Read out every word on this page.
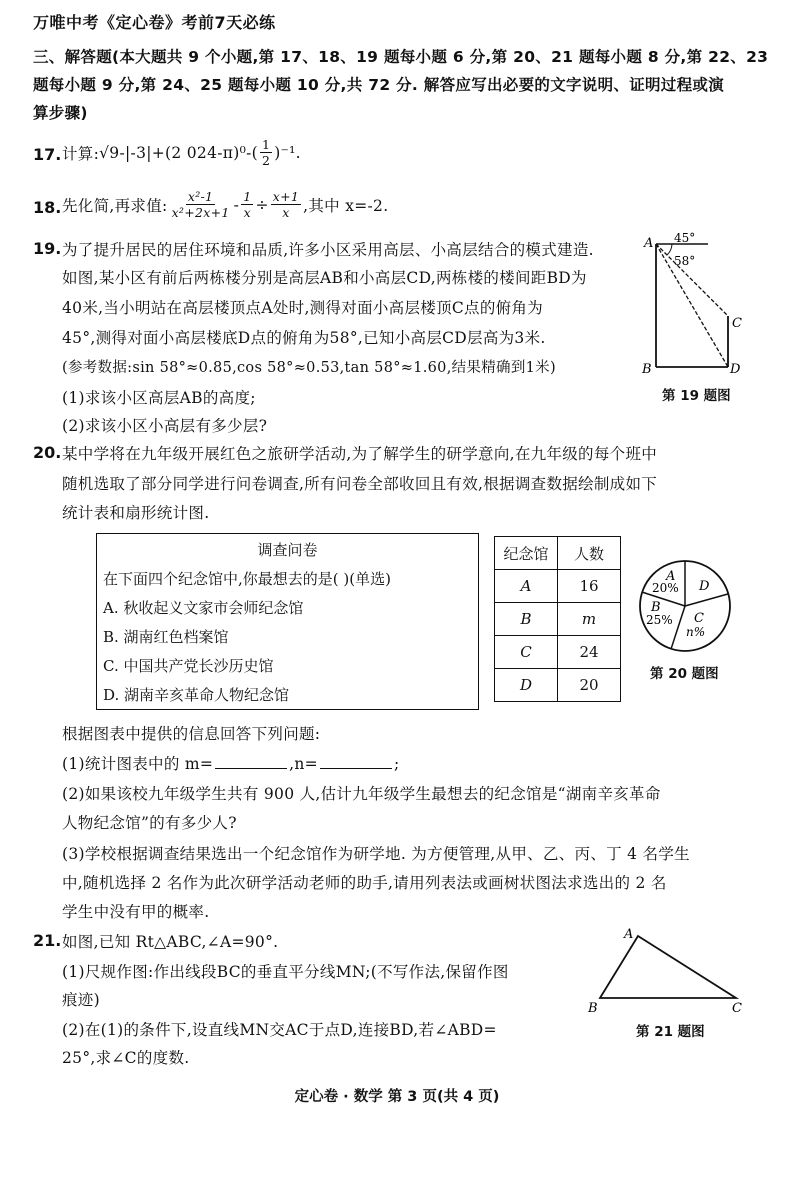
万唯中考《定心卷》考前7天必练
三、解答题(本大题共 9 个小题,第 17、18、19 题每小题 6 分,第 20、21 题每小题 8 分,第 22、23
题每小题 9 分,第 24、25 题每小题 10 分,共 72 分. 解答应写出必要的文字说明、证明过程或演
算步骤)
17. 计算: √9 -|-3|+(2 $024-\pi)^0-( \frac{1}{2} )^{-1}$.
18. 先化简,再求值: $\frac{\text{x²-1}}{\text{x²+2x+1}} - \frac{1}{x} \div \frac{x+1}{x}$ ,其中 x=-2.
19. 为了提升居民的居住环境和品质,许多小区采用高层、小高层结合的模式建造.
如图,某小区有前后两栋楼分别是高层AB和小高层CD,两栋楼的楼间距BD为
40米,当小明站在高层楼顶点A处时,测得对面小高层楼顶C点的俯角为
45°,测得对面小高层楼底D点的俯角为58°,已知小高层CD层高为3米.
(参考数据:sin 58°≈0.85,cos 58°≈0.53,tan 58°≈1.60,结果精确到1米)
(1)求该小区高层AB的高度;
(2)求该小区小高层有多少层?
A
B
C
D
45°
58°
第 19 题图
20. 某中学将在九年级开展红色之旅研学活动,为了解学生的研学意向,在九年级的每个班中
随机选取了部分同学进行问卷调查,所有问卷全部收回且有效,根据调查数据绘制成如下
统计表和扇形统计图.
调查问卷
在下面四个纪念馆中,你最想去的是( )(单选)
A. 秋收起义文家市会师纪念馆
B. 湖南红色档案馆
C. 中国共产党长沙历史馆
D. 湖南辛亥革命人物纪念馆
纪念馆	人数
A	16
B	m
C	24
D	20
A
20%
B
25% C
n%
D
第 20 题图
根据图表中提供的信息回答下列问题:
(1)统计图表中的 m=	,n=	;
(2)如果该校九年级学生共有 900 人,估计九年级学生最想去的纪念馆是“湖南辛亥革命
人物纪念馆”的有多少人?
(3)学校根据调查结果选出一个纪念馆作为研学地. 为方便管理,从甲、乙、丙、丁 4 名学生
中,随机选择 2 名作为此次研学活动老师的助手,请用列表法或画树状图法求选出的 2 名
学生中没有甲的概率.
21. 如图,已知 Rt△ABC,∠A=90°.
(1)尺规作图:作出线段BC的垂直平分线MN;(不写作法,保留作图
痕迹)
(2)在(1)的条件下,设直线MN交AC于点D,连接BD,若∠ABD=
25°,求∠C的度数.
A
B	C
第 21 题图
定心卷 · 数学 第 3 页(共 4 页)
